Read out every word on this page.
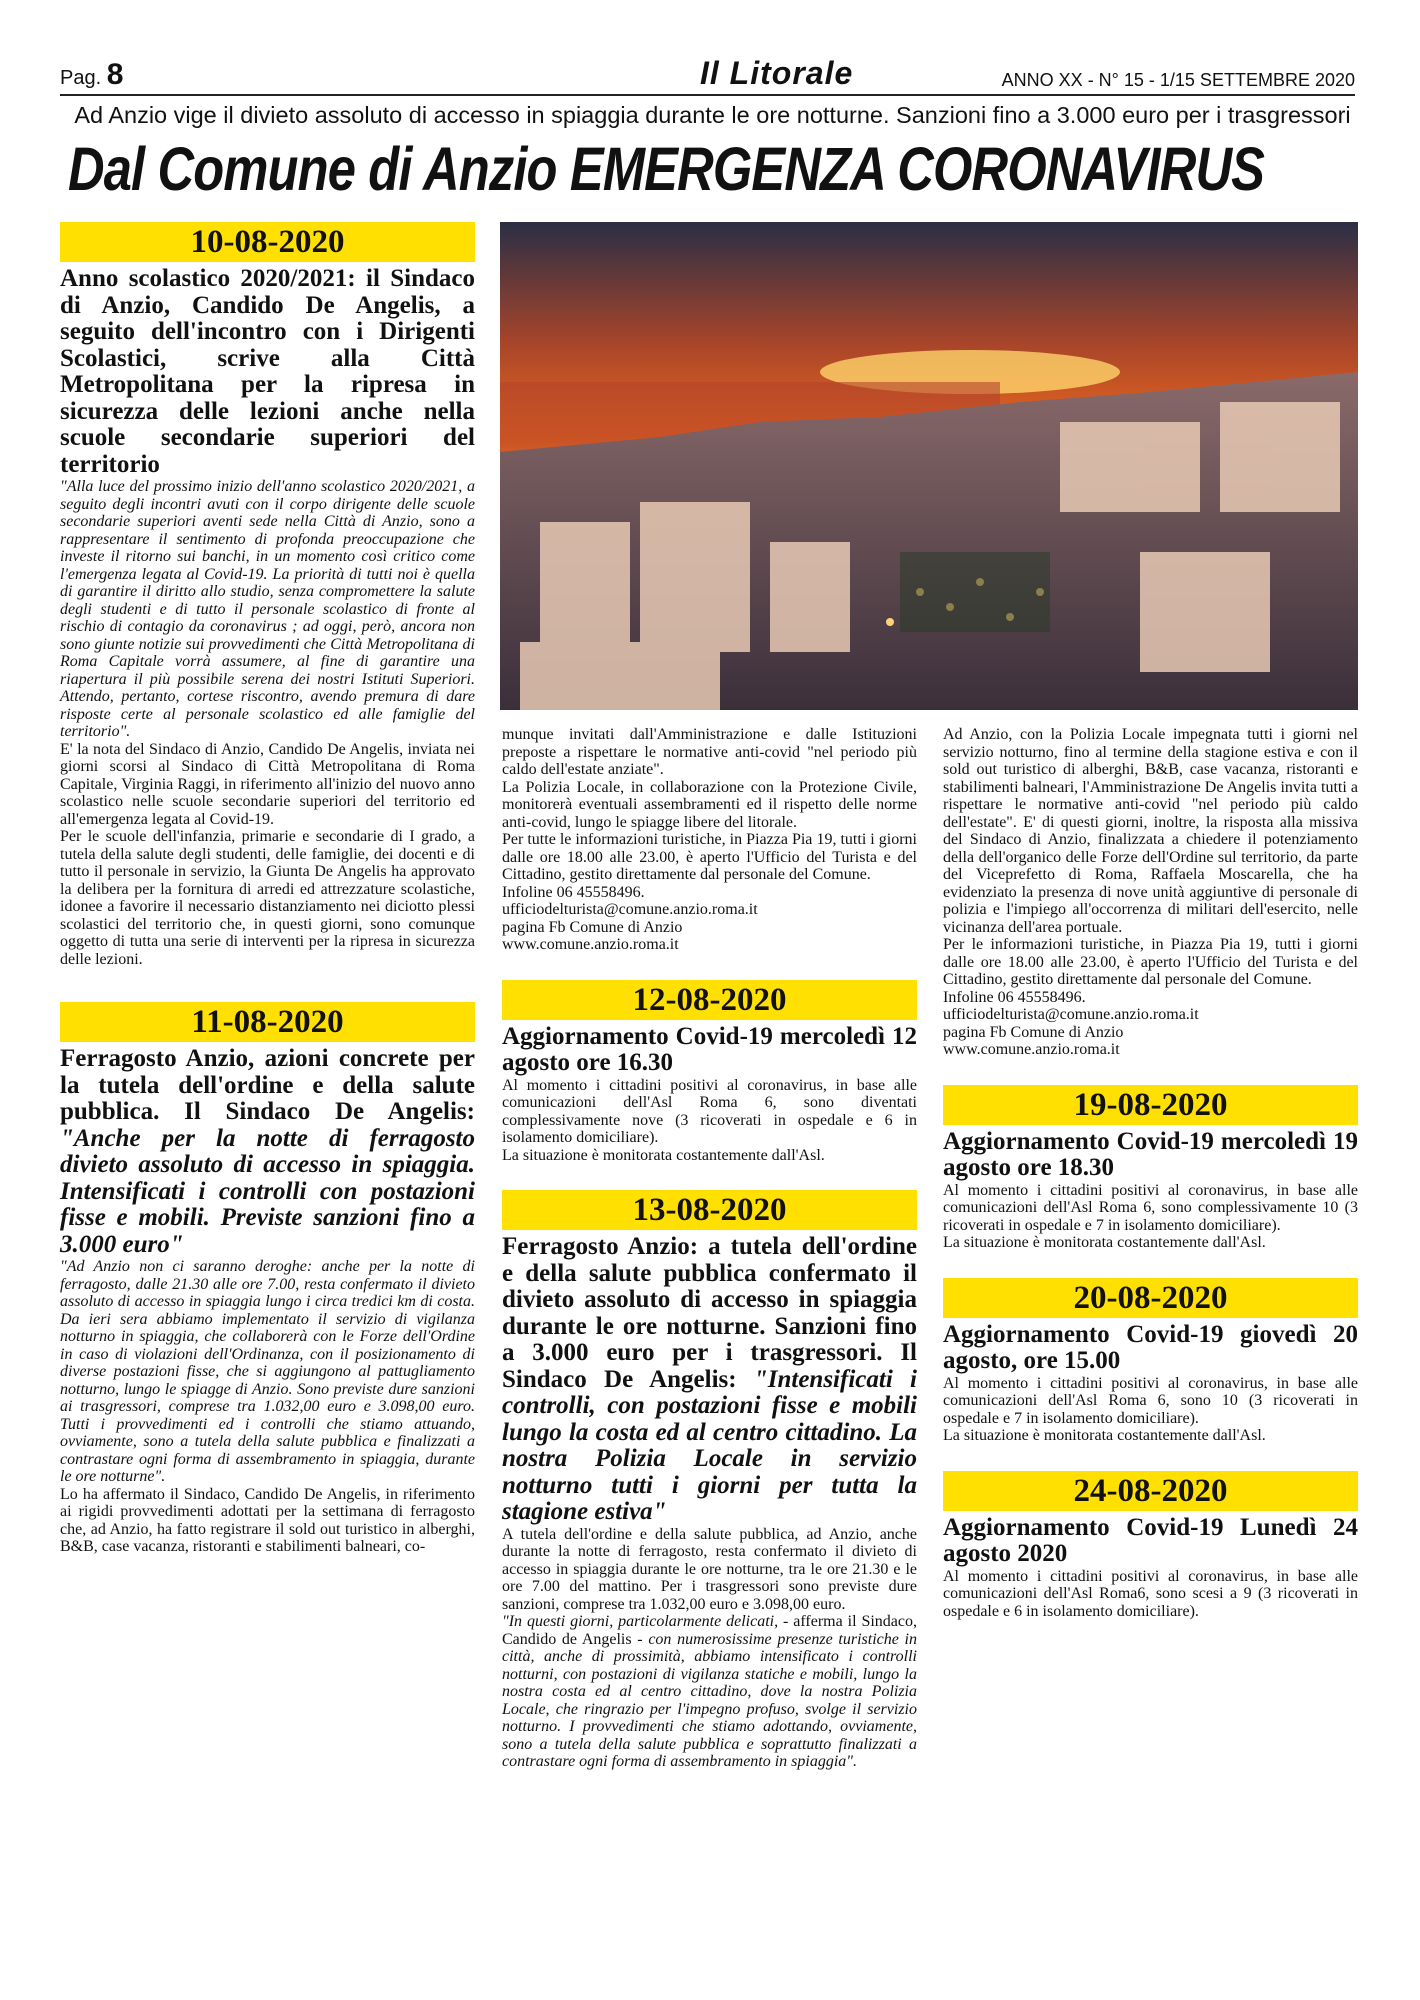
Pag. 8	Il Litorale	ANNO XX - N° 15 - 1/15 SETTEMBRE 2020
Ad Anzio vige il divieto assoluto di accesso in spiaggia durante le ore notturne. Sanzioni fino a 3.000 euro per i trasgressori
Dal Comune di Anzio EMERGENZA CORONAVIRUS
10-08-2020

Anno scolastico 2020/2021: il Sindaco di Anzio, Candido De Angelis, a seguito dell'incontro con i Dirigenti Scolastici, scrive alla Città Metropolitana per la ripresa in sicurezza delle lezioni anche nella scuole secondarie superiori del territorio

"Alla luce del prossimo inizio dell'anno scolastico 2020/2021, a seguito degli incontri avuti con il corpo dirigente delle scuole secondarie superiori aventi sede nella Città di Anzio, sono a rappresentare il sentimento di profonda preoccupazione che investe il ritorno sui banchi, in un momento così critico come l'emergenza legata al Covid-19. La priorità di tutti noi è quella di garantire il diritto allo studio, senza compromettere la salute degli studenti e di tutto il personale scolastico di fronte al rischio di contagio da coronavirus ; ad oggi, però, ancora non sono giunte notizie sui provvedimenti che Città Metropolitana di Roma Capitale vorrà assumere, al fine di garantire una riapertura il più possibile serena dei nostri Istituti Superiori. Attendo, pertanto, cortese riscontro, avendo premura di dare risposte certe al personale scolastico ed alle famiglie del territorio".

E' la nota del Sindaco di Anzio, Candido De Angelis, inviata nei giorni scorsi al Sindaco di Città Metropolitana di Roma Capitale, Virginia Raggi, in riferimento all'inizio del nuovo anno scolastico nelle scuole secondarie superiori del territorio ed all'emergenza legata al Covid-19.

Per le scuole dell'infanzia, primarie e secondarie di I grado, a tutela della salute degli studenti, delle famiglie, dei docenti e di tutto il personale in servizio, la Giunta De Angelis ha approvato la delibera per la fornitura di arredi ed attrezzature scolastiche, idonee a favorire il necessario distanziamento nei diciotto plessi scolastici del territorio che, in questi giorni, sono comunque oggetto di tutta una serie di interventi per la ripresa in sicurezza delle lezioni.

11-08-2020

Ferragosto Anzio, azioni concrete per la tutela dell'ordine e della salute pubblica. Il Sindaco De Angelis: "Anche per la notte di ferragosto divieto assoluto di accesso in spiaggia. Intensificati i controlli con postazioni fisse e mobili. Previste sanzioni fino a 3.000 euro"

"Ad Anzio non ci saranno deroghe: anche per la notte di ferragosto, dalle 21.30 alle ore 7.00, resta confermato il divieto assoluto di accesso in spiaggia lungo i circa tredici km di costa. Da ieri sera abbiamo implementato il servizio di vigilanza notturno in spiaggia, che collaborerà con le Forze dell'Ordine in caso di violazioni dell'Ordinanza, con il posizionamento di diverse postazioni fisse, che si aggiungono al pattugliamento notturno, lungo le spiagge di Anzio. Sono previste dure sanzioni ai trasgressori, comprese tra 1.032,00 euro e 3.098,00 euro. Tutti i provvedimenti ed i controlli che stiamo attuando, ovviamente, sono a tutela della salute pubblica e finalizzati a contrastare ogni forma di assembramento in spiaggia, durante le ore notturne".

Lo ha affermato il Sindaco, Candido De Angelis, in riferimento ai rigidi provvedimenti adottati per la settimana di ferragosto che, ad Anzio, ha fatto registrare il sold out turistico in alberghi, B&B, case vacanza, ristoranti e stabilimenti balneari, co-

munque invitati dall'Amministrazione e dalle Istituzioni preposte a rispettare le normative anti-covid "nel periodo più caldo dell'estate anziate".

La Polizia Locale, in collaborazione con la Protezione Civile, monitorerà eventuali assembramenti ed il rispetto delle norme anti-covid, lungo le spiagge libere del litorale.

Per tutte le informazioni turistiche, in Piazza Pia 19, tutti i giorni dalle ore 18.00 alle 23.00, è aperto l'Ufficio del Turista e del Cittadino, gestito direttamente dal personale del Comune.

Infoline 06 45558496.

ufficiodelturista@comune.anzio.roma.it

pagina Fb Comune di Anzio

www.comune.anzio.roma.it

12-08-2020

Aggiornamento Covid-19 mercoledì 12 agosto ore 16.30

Al momento i cittadini positivi al coronavirus, in base alle comunicazioni dell'Asl Roma 6, sono diventati complessivamente nove (3 ricoverati in ospedale e 6 in isolamento domiciliare).

La situazione è monitorata costantemente dall'Asl.

13-08-2020

Ferragosto Anzio: a tutela dell'ordine e della salute pubblica confermato il divieto assoluto di accesso in spiaggia durante le ore notturne. Sanzioni fino a 3.000 euro per i trasgressori. Il Sindaco De Angelis: "Intensificati i controlli, con postazioni fisse e mobili lungo la costa ed al centro cittadino. La nostra Polizia Locale in servizio notturno tutti i giorni per tutta la stagione estiva"

A tutela dell'ordine e della salute pubblica, ad Anzio, anche durante la notte di ferragosto, resta confermato il divieto di accesso in spiaggia durante le ore notturne, tra le ore 21.30 e le ore 7.00 del mattino. Per i trasgressori sono previste dure sanzioni, comprese tra 1.032,00 euro e 3.098,00 euro.

"In questi giorni, particolarmente delicati, - afferma il Sindaco, Candido de Angelis - con numerosissime presenze turistiche in città, anche di prossimità, abbiamo intensificato i controlli notturni, con postazioni di vigilanza statiche e mobili, lungo la nostra costa ed al centro cittadino, dove la nostra Polizia Locale, che ringrazio per l'impegno profuso, svolge il servizio notturno. I provvedimenti che stiamo adottando, ovviamente, sono a tutela della salute pubblica e soprattutto finalizzati a contrastare ogni forma di assembramento in spiaggia".

Ad Anzio, con la Polizia Locale impegnata tutti i giorni nel servizio notturno, fino al termine della stagione estiva e con il sold out turistico di alberghi, B&B, case vacanza, ristoranti e stabilimenti balneari, l'Amministrazione De Angelis invita tutti a rispettare le normative anti-covid "nel periodo più caldo dell'estate". E' di questi giorni, inoltre, la risposta alla missiva del Sindaco di Anzio, finalizzata a chiedere il potenziamento della dell'organico delle Forze dell'Ordine sul territorio, da parte del Viceprefetto di Roma, Raffaela Moscarella, che ha evidenziato la presenza di nove unità aggiuntive di personale di polizia e l'impiego all'occorrenza di militari dell'esercito, nelle vicinanza dell'area portuale.

Per le informazioni turistiche, in Piazza Pia 19, tutti i giorni dalle ore 18.00 alle 23.00, è aperto l'Ufficio del Turista e del Cittadino, gestito direttamente dal personale del Comune.

Infoline 06 45558496.

ufficiodelturista@comune.anzio.roma.it

pagina Fb Comune di Anzio

www.comune.anzio.roma.it

19-08-2020

Aggiornamento Covid-19 mercoledì 19 agosto ore 18.30

Al momento i cittadini positivi al coronavirus, in base alle comunicazioni dell'Asl Roma 6, sono complessivamente 10 (3 ricoverati in ospedale e 7 in isolamento domiciliare).

La situazione è monitorata costantemente dall'Asl.

20-08-2020

Aggiornamento Covid-19 giovedì 20 agosto, ore 15.00

Al momento i cittadini positivi al coronavirus, in base alle comunicazioni dell'Asl Roma 6, sono 10 (3 ricoverati in ospedale e 7 in isolamento domiciliare).

La situazione è monitorata costantemente dall'Asl.

24-08-2020

Aggiornamento Covid-19 Lunedì 24 agosto 2020

Al momento i cittadini positivi al coronavirus, in base alle comunicazioni dell'Asl Roma6, sono scesi a 9 (3 ricoverati in ospedale e 6 in isolamento domiciliare).
